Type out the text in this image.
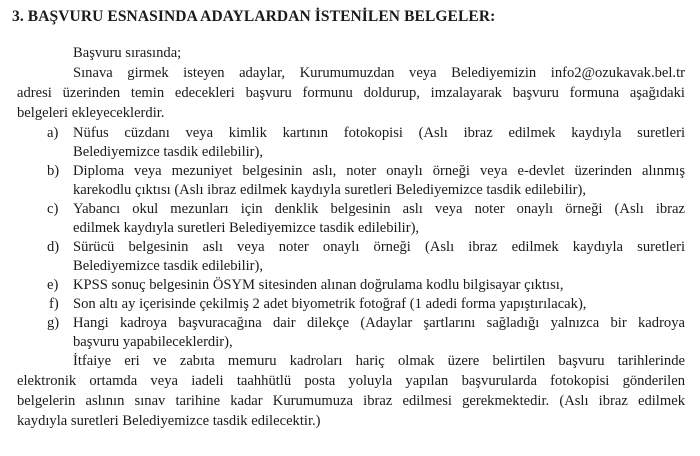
3. BAŞVURU ESNASINDA ADAYLARDAN İSTENİLEN BELGELER:
Başvuru sırasında;
Sınava girmek isteyen adaylar, Kurumumuzdan veya Belediyemizin info2@ozukavak.bel.tr
adresi üzerinden temin edecekleri başvuru formunu doldurup, imzalayarak başvuru formuna aşağıdaki
belgeleri ekleyeceklerdir.
a) Nüfus cüzdanı veya kimlik kartının fotokopisi (Aslı ibraz edilmek kaydıyla suretleri
Belediyemizce tasdik edilebilir),
b) Diploma veya mezuniyet belgesinin aslı, noter onaylı örneği veya e-devlet üzerinden alınmış
karekodlu çıktısı (Aslı ibraz edilmek kaydıyla suretleri Belediyemizce tasdik edilebilir),
c) Yabancı okul mezunları için denklik belgesinin aslı veya noter onaylı örneği (Aslı ibraz
edilmek kaydıyla suretleri Belediyemizce tasdik edilebilir),
d) Sürücü belgesinin aslı veya noter onaylı örneği (Aslı ibraz edilmek kaydıyla suretleri
Belediyemizce tasdik edilebilir),
e) KPSS sonuç belgesinin ÖSYM sitesinden alınan doğrulama kodlu bilgisayar çıktısı,
f) Son altı ay içerisinde çekilmiş 2 adet biyometrik fotoğraf (1 adedi forma yapıştırılacak),
g) Hangi kadroya başvuracağına dair dilekçe (Adaylar şartlarını sağladığı yalnızca bir kadroya
başvuru yapabileceklerdir),
İtfaiye eri ve zabıta memuru kadroları hariç olmak üzere belirtilen başvuru tarihlerinde
elektronik ortamda veya iadeli taahhütlü posta yoluyla yapılan başvurularda fotokopisi gönderilen
belgelerin aslının sınav tarihine kadar Kurumumuza ibraz edilmesi gerekmektedir. (Aslı ibraz edilmek
kaydıyla suretleri Belediyemizce tasdik edilecektir.)
